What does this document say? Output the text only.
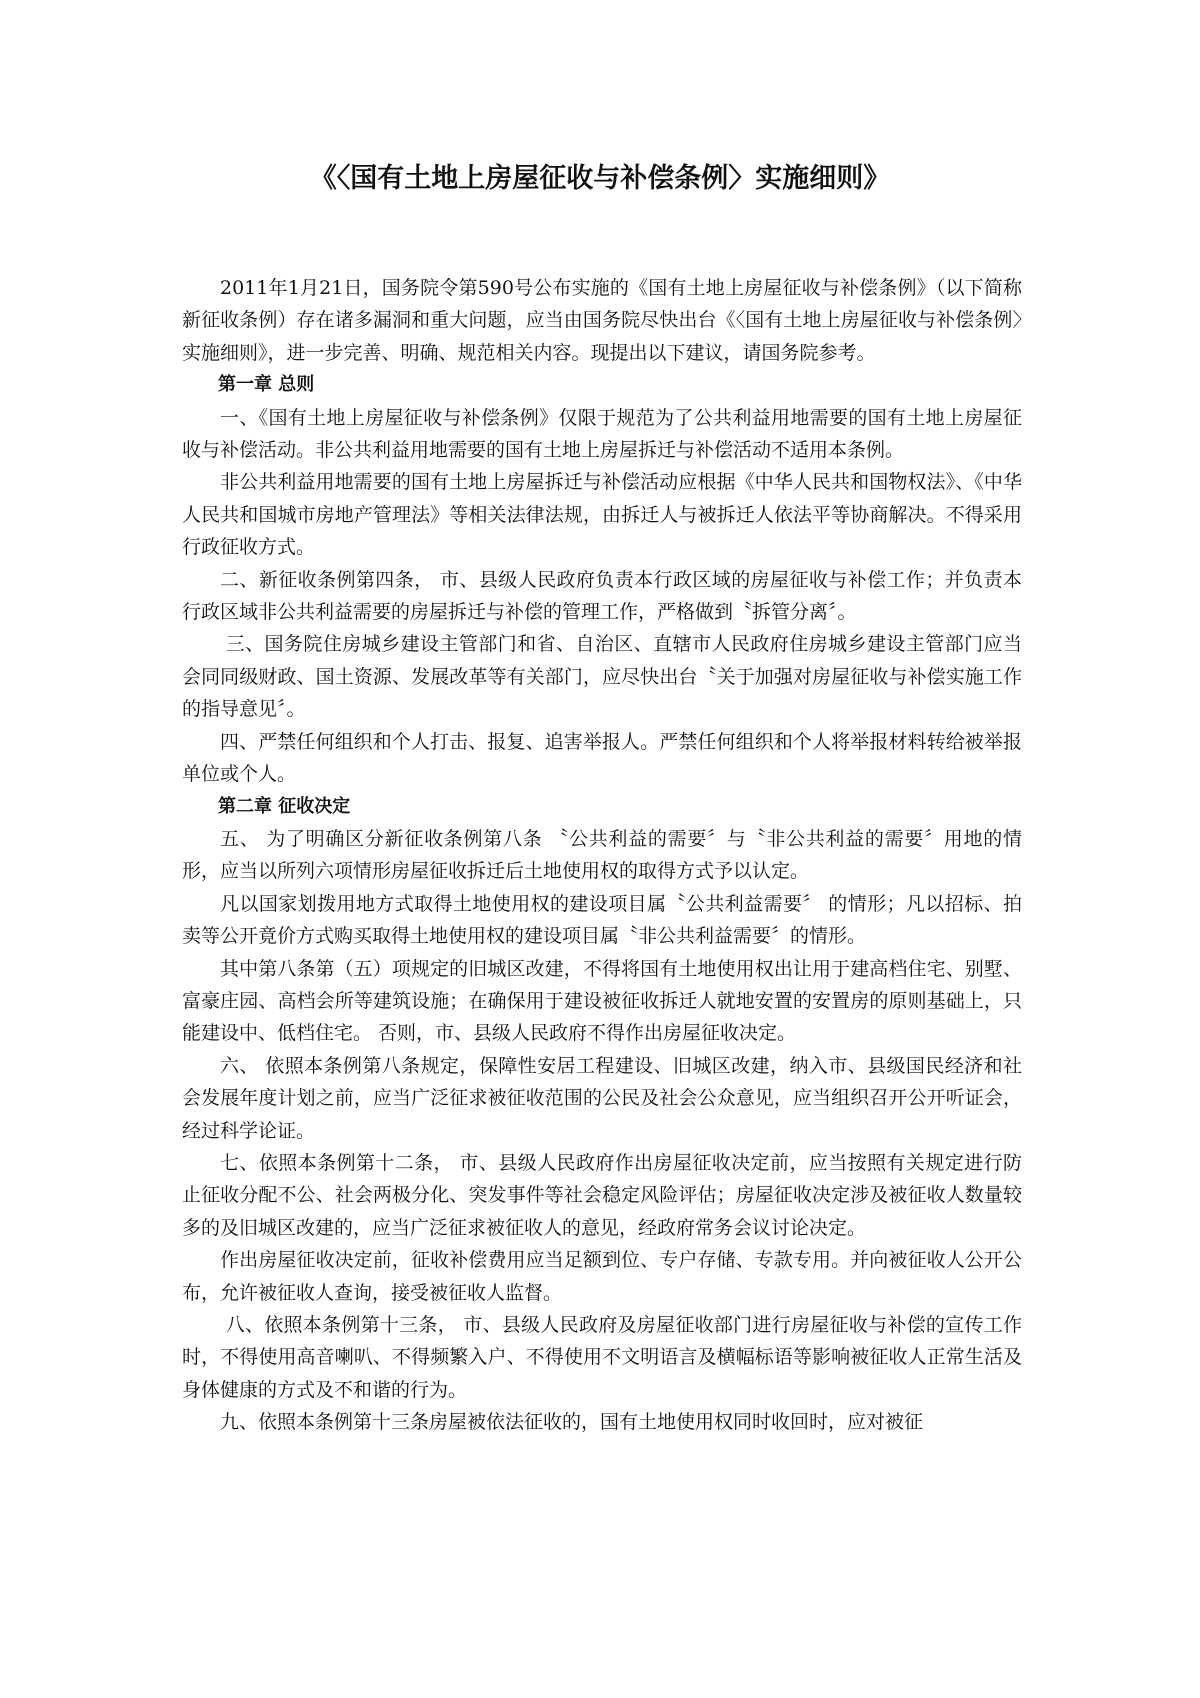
《〈国有土地上房屋征收与补偿条例〉实施细则》

2011年1月21日，国务院令第590号公布实施的《国有土地上房屋征收与补偿条例》（以下简称新征收条例）存在诸多漏洞和重大问题，应当由国务院尽快出台《〈国有土地上房屋征收与补偿条例〉实施细则》，进一步完善、明确、规范相关内容。现提出以下建议，请国务院参考。

第一章 总则

一、《国有土地上房屋征收与补偿条例》仅限于规范为了公共利益用地需要的国有土地上房屋征收与补偿活动。非公共利益用地需要的国有土地上房屋拆迁与补偿活动不适用本条例。

非公共利益用地需要的国有土地上房屋拆迁与补偿活动应根据《中华人民共和国物权法》、《中华人民共和国城市房地产管理法》等相关法律法规，由拆迁人与被拆迁人依法平等协商解决。不得采用行政征收方式。

二、新征收条例第四条， 市、县级人民政府负责本行政区域的房屋征收与补偿工作；并负责本行政区域非公共利益需要的房屋拆迁与补偿的管理工作，严格做到〝拆管分离〞。

三、国务院住房城乡建设主管部门和省、自治区、直辖市人民政府住房城乡建设主管部门应当会同同级财政、国土资源、发展改革等有关部门，应尽快出台〝关于加强对房屋征收与补偿实施工作的指导意见〞。

四、严禁任何组织和个人打击、报复、追害举报人。严禁任何组织和个人将举报材料转给被举报单位或个人。

第二章 征收决定

五、 为了明确区分新征收条例第八条 〝公共利益的需要〞与〝非公共利益的需要〞用地的情形，应当以所列六项情形房屋征收拆迁后土地使用权的取得方式予以认定。

凡以国家划拨用地方式取得土地使用权的建设项目属〝公共利益需要〞 的情形；凡以招标、拍卖等公开竟价方式购买取得土地使用权的建设项目属〝非公共利益需要〞的情形。

其中第八条第（五）项规定的旧城区改建，不得将国有土地使用权出让用于建高档住宅、别墅、富豪庄园、高档会所等建筑设施；在确保用于建设被征收拆迁人就地安置的安置房的原则基础上，只能建设中、低档住宅。 否则，市、县级人民政府不得作出房屋征收决定。

六、 依照本条例第八条规定，保障性安居工程建设、旧城区改建，纳入市、县级国民经济和社会发展年度计划之前，应当广泛征求被征收范围的公民及社会公众意见，应当组织召开公开听证会，经过科学论证。

七、依照本条例第十二条， 市、县级人民政府作出房屋征收决定前，应当按照有关规定进行防止征收分配不公、社会两极分化、突发事件等社会稳定风险评估；房屋征收决定涉及被征收人数量较多的及旧城区改建的，应当广泛征求被征收人的意见，经政府常务会议讨论决定。

作出房屋征收决定前，征收补偿费用应当足额到位、专户存储、专款专用。并向被征收人公开公布，允许被征收人查询，接受被征收人监督。

八、依照本条例第十三条， 市、县级人民政府及房屋征收部门进行房屋征收与补偿的宣传工作时，不得使用高音喇叭、不得频繁入户、不得使用不文明语言及横幅标语等影响被征收人正常生活及身体健康的方式及不和谐的行为。

九、依照本条例第十三条房屋被依法征收的，国有土地使用权同时收回时，应对被征
